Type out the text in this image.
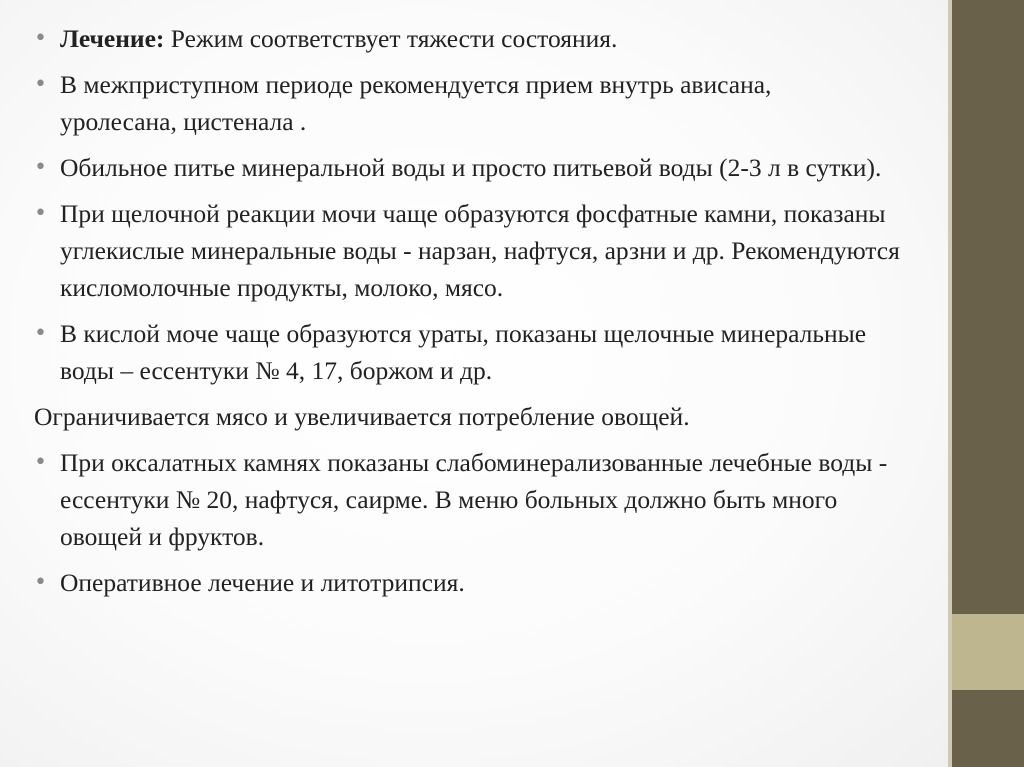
• Лечение: Режим соответствует тяжести состояния.
• В межприступном периоде рекомендуется прием внутрь ависана, уролесана, цистенала .
• Обильное питье минеральной воды и просто питьевой воды (2-3 л в сутки).
• При щелочной реакции мочи чаще образуются фосфатные камни, показаны углекислые минеральные воды - нарзан, нафтуся, арзни и др. Рекомендуются кисломолочные продукты, молоко, мясо.
• В кислой моче чаще образуются ураты, показаны щелочные минеральные воды – ессентуки № 4, 17, боржом и др.
Ограничивается мясо и увеличивается потребление овощей.
• При оксалатных камнях показаны слабоминерализованные лечебные воды - ессентуки № 20, нафтуся, саирме. В меню больных должно быть много овощей и фруктов.
• Оперативное лечение и литотрипсия.
